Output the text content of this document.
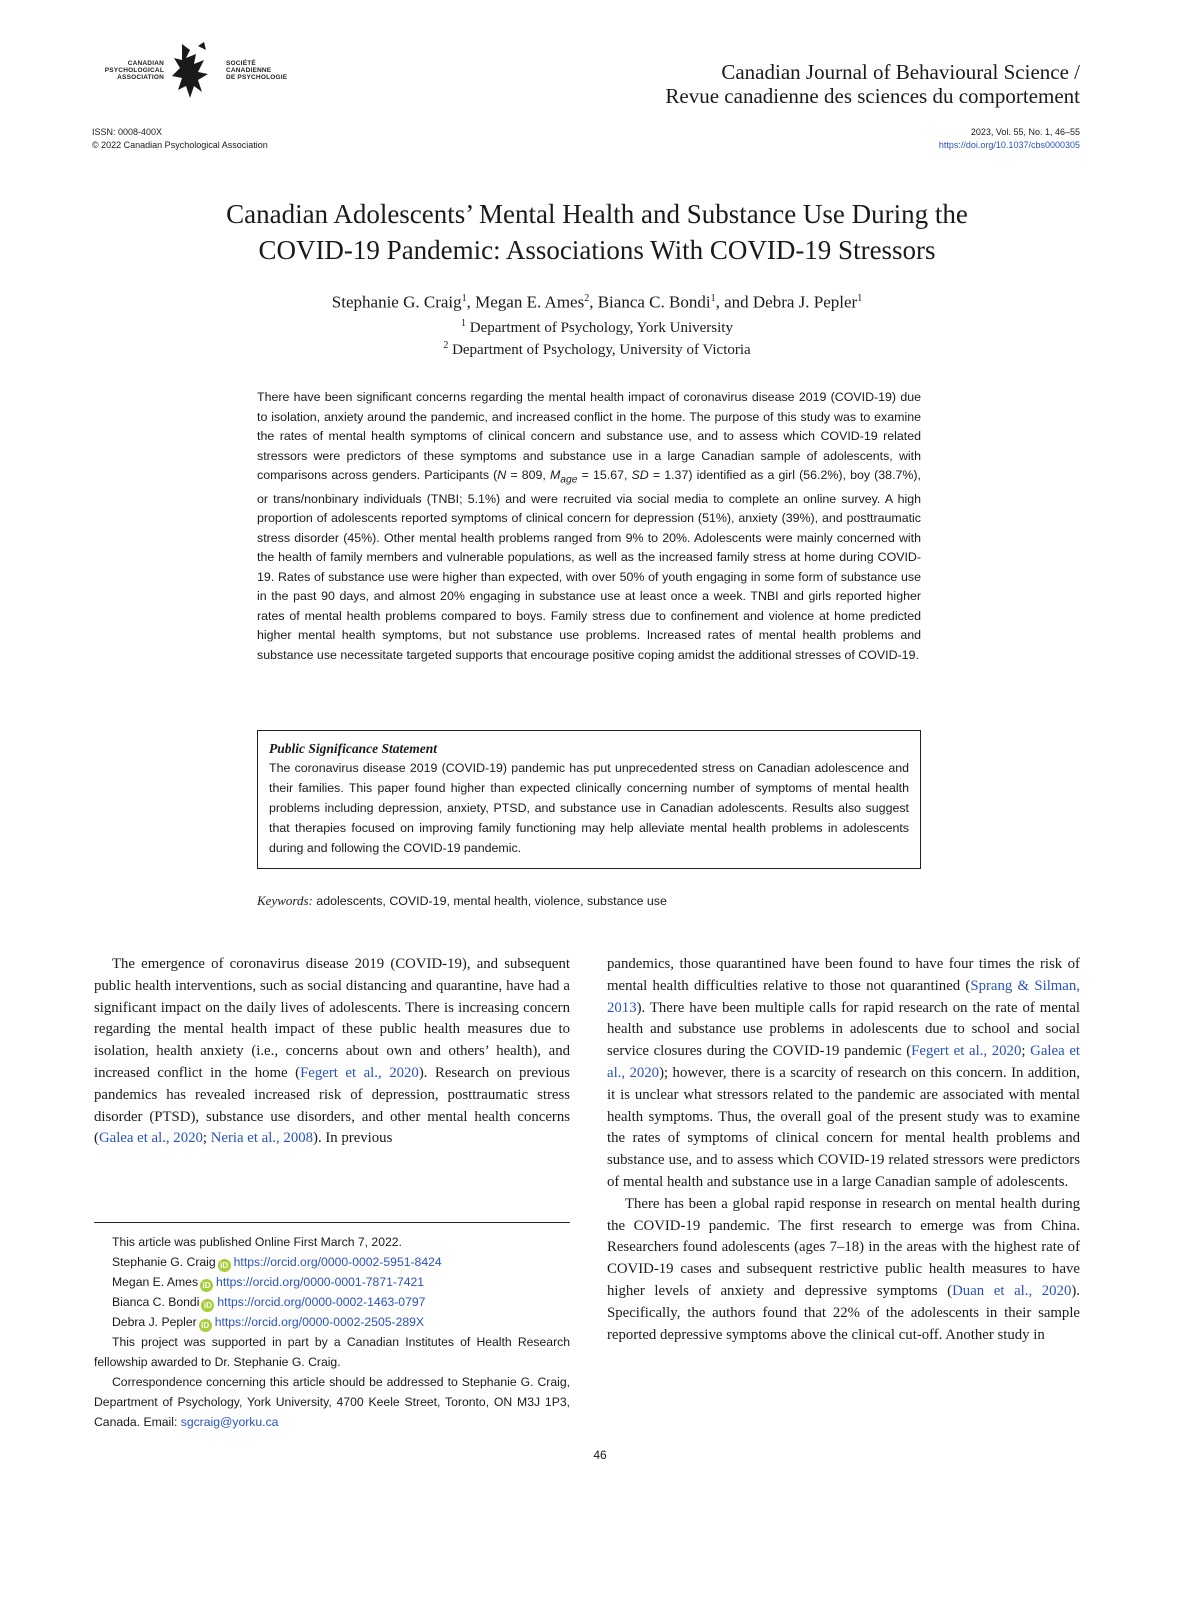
CANADIAN
PSYCHOLOGICAL
ASSOCIATION
SOCIÉTÉ
CANADIENNE
DE PSYCHOLOGIE	Canadian Journal of Behavioural Science /
Revue canadienne des sciences du comportement
ISSN: 0008-400X
© 2022 Canadian Psychological Association
2023, Vol. 55, No. 1, 46–55
https://doi.org/10.1037/cbs0000305
Canadian Adolescents’ Mental Health and Substance Use During the
COVID-19 Pandemic: Associations With COVID-19 Stressors
Stephanie G. Craig$^1$, Megan E. Ames$^2$, Bianca C. Bondi$^1$, and Debra J. Pepler$^1$
$^1$ Department of Psychology, York University
$^2$ Department of Psychology, University of Victoria
There have been significant concerns regarding the mental health impact of coronavirus disease 2019 (COVID-19) due to isolation, anxiety around the pandemic, and increased conflict in the home. The purpose of this study was to examine the rates of mental health symptoms of clinical concern and substance use, and to assess which COVID-19 related stressors were predictors of these symptoms and substance use in a large Canadian sample of adolescents, with comparisons across genders. Participants (N = 809, $M_{age} = 15.67$, SD = 1.37) identified as a girl (56.2%), boy (38.7%), or trans/nonbinary individuals (TNBI; 5.1%) and were recruited via social media to complete an online survey. A high proportion of adolescents reported symptoms of clinical concern for depression (51%), anxiety (39%), and posttraumatic stress disorder (45%). Other mental health problems ranged from 9% to 20%. Adolescents were mainly concerned with the health of family members and vulnerable populations, as well as the increased family stress at home during COVID-19. Rates of substance use were higher than expected, with over 50% of youth engaging in some form of substance use in the past 90 days, and almost 20% engaging in substance use at least once a week. TNBI and girls reported higher rates of mental health problems compared to boys. Family stress due to confinement and violence at home predicted higher mental health symptoms, but not substance use problems. Increased rates of mental health problems and substance use necessitate targeted supports that encourage positive coping amidst the additional stresses of COVID-19.
Public Significance Statement
The coronavirus disease 2019 (COVID-19) pandemic has put unprecedented stress on Canadian adolescence and their families. This paper found higher than expected clinically concerning number of symptoms of mental health problems including depression, anxiety, PTSD, and substance use in Canadian adolescents. Results also suggest that therapies focused on improving family functioning may help alleviate mental health problems in adolescents during and following the COVID-19 pandemic.
Keywords: adolescents, COVID-19, mental health, violence, substance use

The emergence of coronavirus disease 2019 (COVID-19), and subsequent public health interventions, such as social distancing and quarantine, have had a significant impact on the daily lives of adolescents. There is increasing concern regarding the mental health impact of these public health measures due to isolation, health anxiety (i.e., concerns about own and others’ health), and increased conflict in the home (Fegert et al., 2020). Research on previous pandemics has revealed increased risk of depression, posttraumatic stress disorder (PTSD), substance use disorders, and other mental health concerns (Galea et al., 2020; Neria et al., 2008). In previous

This article was published Online First March 7, 2022.
Stephanie G. Craig iD https://orcid.org/0000-0002-5951-8424
Megan E. Ames iD https://orcid.org/0000-0001-7871-7421
Bianca C. Bondi iD https://orcid.org/0000-0002-1463-0797
Debra J. Pepler iD https://orcid.org/0000-0002-2505-289X
This project was supported in part by a Canadian Institutes of Health Research fellowship awarded to Dr. Stephanie G. Craig.
Correspondence concerning this article should be addressed to Stephanie G. Craig, Department of Psychology, York University, 4700 Keele Street, Toronto, ON M3J 1P3, Canada. Email: sgcraig@yorku.ca

pandemics, those quarantined have been found to have four times the risk of mental health difficulties relative to those not quarantined (Sprang & Silman, 2013). There have been multiple calls for rapid research on the rate of mental health and substance use problems in adolescents due to school and social service closures during the COVID-19 pandemic (Fegert et al., 2020; Galea et al., 2020); however, there is a scarcity of research on this concern. In addition, it is unclear what stressors related to the pandemic are associated with mental health symptoms. Thus, the overall goal of the present study was to examine the rates of symptoms of clinical concern for mental health problems and substance use, and to assess which COVID-19 related stressors were predictors of mental health and substance use in a large Canadian sample of adolescents.

There has been a global rapid response in research on mental health during the COVID-19 pandemic. The first research to emerge was from China. Researchers found adolescents (ages 7–18) in the areas with the highest rate of COVID-19 cases and subsequent restrictive public health measures to have higher levels of anxiety and depressive symptoms (Duan et al., 2020). Specifically, the authors found that 22% of the adolescents in their sample reported depressive symptoms above the clinical cut-off. Another study in

46
